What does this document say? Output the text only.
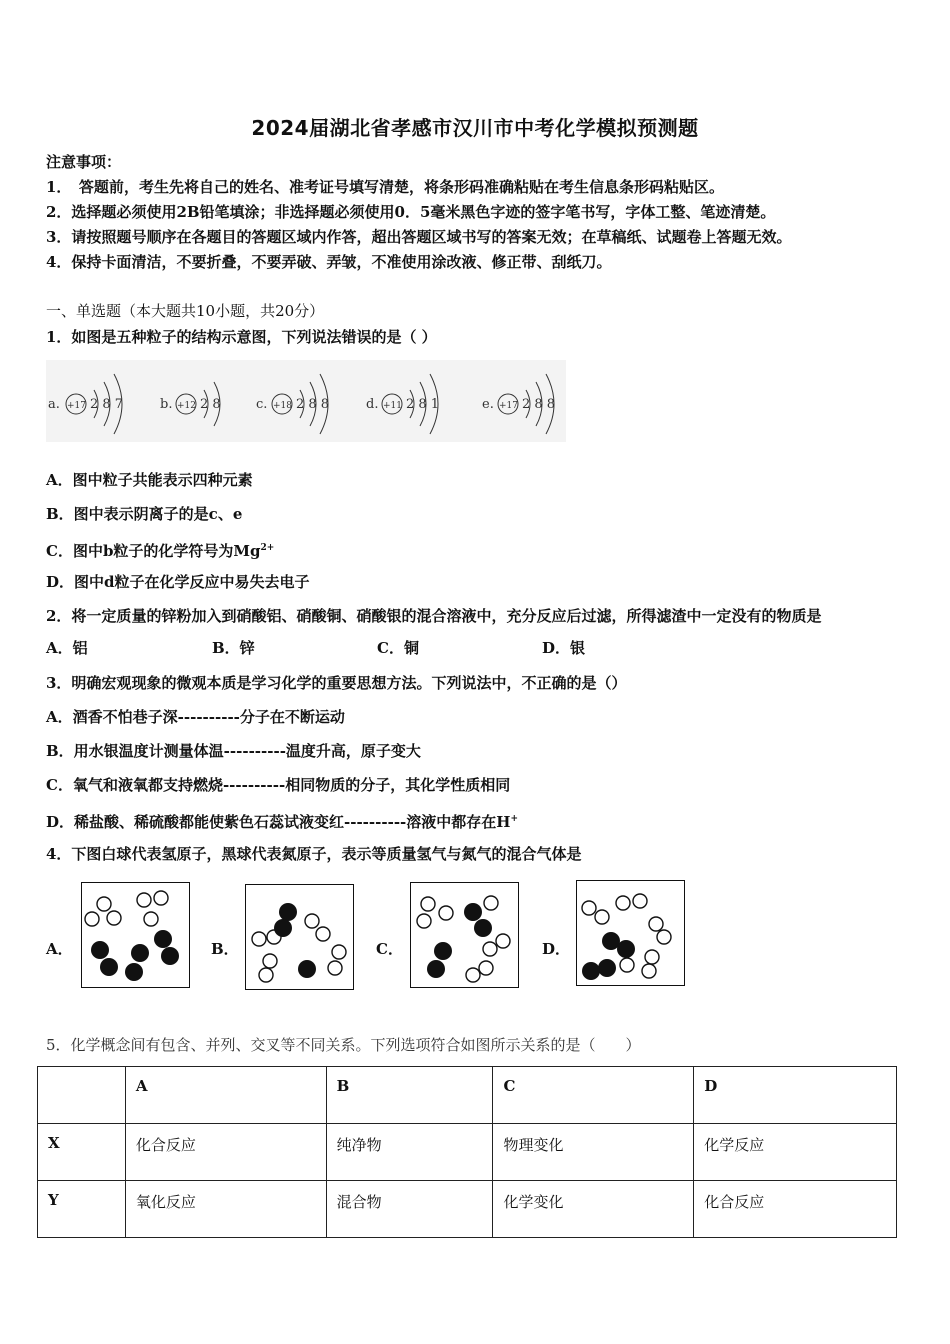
2024届湖北省孝感市汉川市中考化学模拟预测题
注意事项：
1．　答题前，考生先将自己的姓名、准考证号填写清楚，将条形码准确粘贴在考生信息条形码粘贴区。
2．选择题必须使用2B铅笔填涂；非选择题必须使用0．5毫米黑色字迹的签字笔书写，字体工整、笔迹清楚。
3．请按照题号顺序在各题目的答题区域内作答，超出答题区域书写的答案无效；在草稿纸、试题卷上答题无效。
4．保持卡面清洁，不要折叠，不要弄破、弄皱，不准使用涂改液、修正带、刮纸刀。
一、单选题（本大题共10小题，共20分）
1．如图是五种粒子的结构示意图，下列说法错误的是（ ）
a. +17 2 8 7	b. +12 2 8	c. +18 2 8 8	d. +11 2 8 1	e. +17 2 8 8
A．图中粒子共能表示四种元素
B．图中表示阴离子的是c、e
C．图中b粒子的化学符号为$Mg^{2+}$
D．图中d粒子在化学反应中易失去电子
2．将一定质量的锌粉加入到硝酸铝、硝酸铜、硝酸银的混合溶液中，充分反应后过滤，所得滤渣中一定没有的物质是
A．铝	B．锌	C．铜	D．银
3．明确宏观现象的微观本质是学习化学的重要思想方法。下列说法中，不正确的是（）
A．酒香不怕巷子深----------分子在不断运动
B．用水银温度计测量体温----------温度升高，原子变大
C．氧气和液氧都支持燃烧----------相同物质的分子，其化学性质相同
D．稀盐酸、稀硫酸都能使紫色石蕊试液变红----------溶液中都存在H+
4．下图白球代表氢原子，黑球代表氮原子，表示等质量氢气与氮气的混合气体是
A．	B．	C．	D．
5．化学概念间有包含、并列、交叉等不同关系。下列选项符合如图所示关系的是（　　）
	A	B	C	D
X	化合反应	纯净物	物理变化	化学反应
Y	氧化反应	混合物	化学变化	化合反应
